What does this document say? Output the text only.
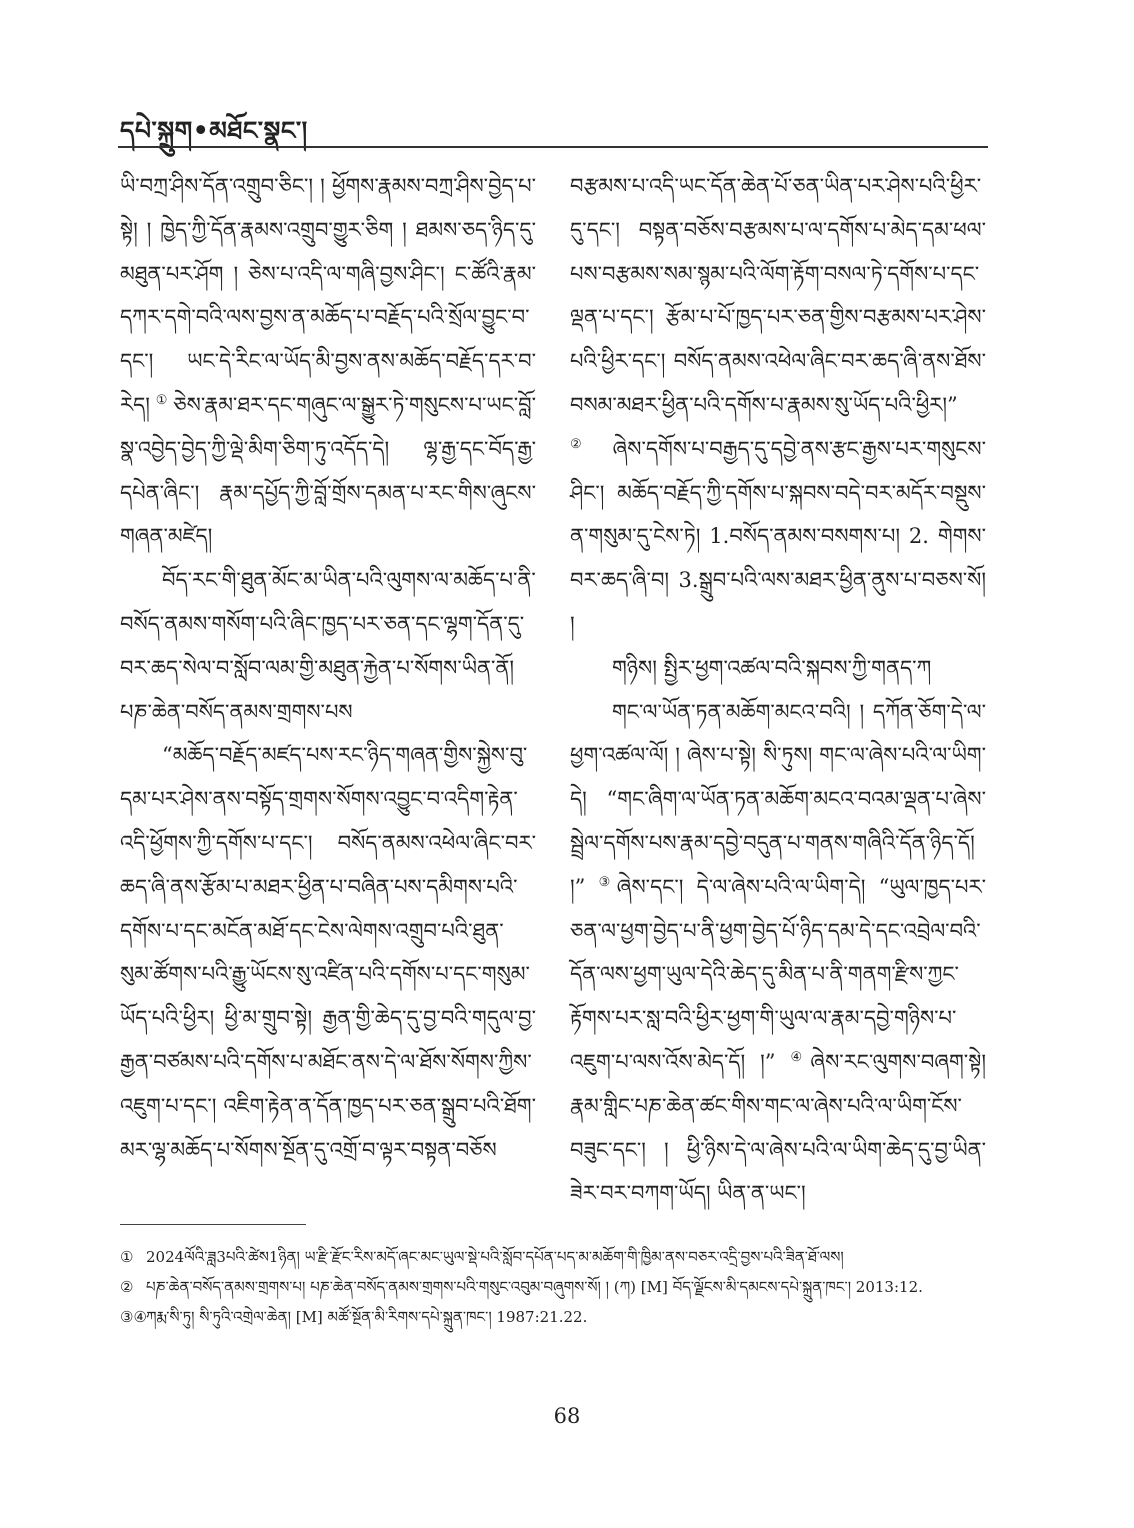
དཔེ་སྐྲུག•མཐོང་སྣང་།

ཡི་བཀྲ་ཤིས་དོན་འགྲུབ་ཅིང་། ། ཕྱོགས་རྣམས་བཀྲ་ཤིས་བྱེད་པ་སྟེ། ། ཁྱེད་ཀྱི་དོན་རྣམས་འགྲུབ་གྱུར་ཅིག ། ཐམས་ཅད་ཉིད་དུ་མཐུན་པར་ཤོག ། ཅེས་པ་འདི་ལ་གཞི་བྱས་ཤིང་། ང་ཚོའི་རྣམ་དཀར་དགེ་བའི་ལས་བྱས་ན་མཆོད་པ་བརྗོད་པའི་སྲོལ་བྱུང་བ་དང་། ཡང་དེ་རིང་ལ་ཡོད་མི་བྱས་ནས་མཆོད་བརྗོད་དར་བ་རེད།①ཅེས་རྣམ་ཐར་དང་གཞུང་ལ་སྒྱུར་ཏེ་གསུངས་པ་ཡང་བློ་སྣ་འབྱེད་བྱེད་ཀྱི་ལྡེ་མིག་ཅིག་ཏུ་འདོད་དེ། ལྷ་རྒྱ་དང་བོད་རྒྱ་དཔེན་ཞིང་། རྣམ་དཔྱོད་ཀྱི་བློ་གྲོས་དམན་པ་རང་གིས་ཞུངས་གཞན་མཛེད།

བོད་རང་གི་ཐུན་མོང་མ་ཡིན་པའི་ལུགས་ལ་མཆོད་པ་ནི་བསོད་ནམས་གསོག་པའི་ཞིང་ཁྱད་པར་ཅན་དང་ལྷག་དོན་དུ་བར་ཆད་སེལ་བ་སློབ་ལམ་གྱི་མཐུན་རྐྱེན་པ་སོགས་ཡིན་ནོ། པཎ་ཆེན་བསོད་ནམས་གྲགས་པས

“མཆོད་བརྗོད་མཛད་པས་རང་ཉིད་གཞན་གྱིས་སྐྱེས་བུ་དམ་པར་ཤེས་ནས་བསྟོད་གྲགས་སོགས་འབྱུང་བ་འདིག་རྟེན་འདི་ཕྱོགས་ཀྱི་དགོས་པ་དང་། བསོད་ནམས་འཕེལ་ཞིང་བར་ཆད་ཞི་ནས་རྩོམ་པ་མཐར་ཕྱིན་པ་བཞིན་པས་དམིགས་པའི་དགོས་པ་དང་མངོན་མཐོ་དང་ངེས་ལེགས་འགྲུབ་པའི་ཐུན་སུམ་ཚོགས་པའི་རྒྱུ་ཡོངས་སུ་འཛིན་པའི་དགོས་པ་དང་གསུམ་ཡོད་པའི་ཕྱིར། ཕྱི་མ་གྲུབ་སྟེ། རྒྱན་གྱི་ཆེད་དུ་བྱ་བའི་གདུལ་བྱ་རྒྱན་བཙམས་པའི་དགོས་པ་མཐོང་ནས་དེ་ལ་ཐོས་སོགས་ཀྱིས་འཇུག་པ་དང་། འཇིག་རྟེན་ན་དོན་ཁྱད་པར་ཅན་སྒྲུབ་པའི་ཐོག་མར་ལྷ་མཆོད་པ་སོགས་སྔོན་དུ་འགྲོ་བ་ལྟར་བསྟན་བཅོས

བརྩམས་པ་འདི་ཡང་དོན་ཆེན་པོ་ཅན་ཡིན་པར་ཤེས་པའི་ཕྱིར་དུ་དང་། བསྟན་བཅོས་བརྩམས་པ་ལ་དགོས་པ་མེད་དམ་ཕལ་པས་བརྩམས་སམ་སྙམ་པའི་ལོག་རྟོག་བསལ་ཏེ་དགོས་པ་དང་ལྡན་པ་དང་། རྩོམ་པ་པོ་ཁྱད་པར་ཅན་གྱིས་བརྩམས་པར་ཤེས་པའི་ཕྱིར་དང་། བསོད་ནམས་འཕེལ་ཞིང་བར་ཆད་ཞི་ནས་ཐོས་བསམ་མཐར་ཕྱིན་པའི་དགོས་པ་རྣམས་སུ་ཡོད་པའི་ཕྱིར།” ②ཞེས་དགོས་པ་བརྒྱད་དུ་དབྱེ་ནས་རྩང་རྒྱས་པར་གསུངས་ཤིང་། མཆོད་བརྗོད་ཀྱི་དགོས་པ་སྐབས་བདེ་བར་མདོར་བསྡུས་ན་གསུམ་དུ་ངེས་ཏེ། 1.བསོད་ནམས་བསགས་པ། 2. གེགས་བར་ཆད་ཞི་བ། 3.སྒྲུབ་པའི་ལས་མཐར་ཕྱིན་ནུས་པ་བཅས་སོ། །

གཉིས། སྤྱིར་ཕྱག་འཚལ་བའི་སྐབས་ཀྱི་གནད་ཀ

གང་ལ་ཡོན་ཏན་མཆོག་མངའ་བའི། ། དཀོན་ཅོག་དེ་ལ་ཕྱག་འཚལ་ལོ། ། ཞེས་པ་སྟེ། སི་ཏུས། གང་ལ་ཞེས་པའི་ལ་ཡིག་དེ། “གང་ཞིག་ལ་ཡོན་ཏན་མཆོག་མངའ་བའམ་ལྡན་པ་ཞེས་སྦྲེལ་དགོས་པས་རྣམ་དབྱེ་བདུན་པ་གནས་གཞིའི་དོན་ཉིད་དོ། །” ③ཞེས་དང་། དེ་ལ་ཞེས་པའི་ལ་ཡིག་དེ། “ཡུལ་ཁྱད་པར་ཅན་ལ་ཕྱག་བྱེད་པ་ནི་ཕྱག་བྱེད་པོ་ཉིད་དམ་དེ་དང་འབྲེལ་བའི་དོན་ལས་ཕྱག་ཡུལ་དེའི་ཆེད་དུ་མིན་པ་ནི་གནག་རྫིས་ཀྱང་རྟོགས་པར་སླ་བའི་ཕྱིར་ཕྱག་གི་ཡུལ་ལ་རྣམ་དབྱེ་གཉིས་པ་འཇུག་པ་ལས་འོས་མེད་དོ། །” ④ཞེས་རང་ལུགས་བཞག་སྟེ། རྣམ་གླིང་པཎ་ཆེན་ཚང་གིས་གང་ལ་ཞེས་པའི་ལ་ཡིག་ངོས་བཟུང་དང་། ། ཕྱི་ཉིས་དེ་ལ་ཞེས་པའི་ལ་ཡིག་ཆེད་དུ་བྱ་ཡིན་ཟེར་བར་བཀག་ཡོད། ཡིན་ན་ཡང་།

① 2024ལོའི་ཟླ3པའི་ཚེས1ཉིན། ཡ་རྫི་རྫོང་རིས་མདོ་ཞང་མང་ཡུལ་སྡེ་པའི་སློབ་དཔོན་པད་མ་མཆོག་གི་ཁྱིམ་ནས་བཅར་འདྲི་བྱས་པའི་ཟིན་ཐོ་ལས།

② པཎ་ཆེན་བསོད་ནམས་གྲགས་པ། པཎ་ཆེན་བསོད་ནམས་གྲགས་པའི་གསུང་འབུམ་བཞུགས་སོ། ། (ཀ) [M] བོད་ལྗོངས་མི་དམངས་དཔེ་སྐྲུན་ཁང་། 2013:12.

③④ཀརྨ་སི་ཏུ། སི་ཏུའི་འགྲེལ་ཆེན། [M] མཚོ་སྔོན་མི་རིགས་དཔེ་སྐྲུན་ཁང་། 1987:21.22.

68
